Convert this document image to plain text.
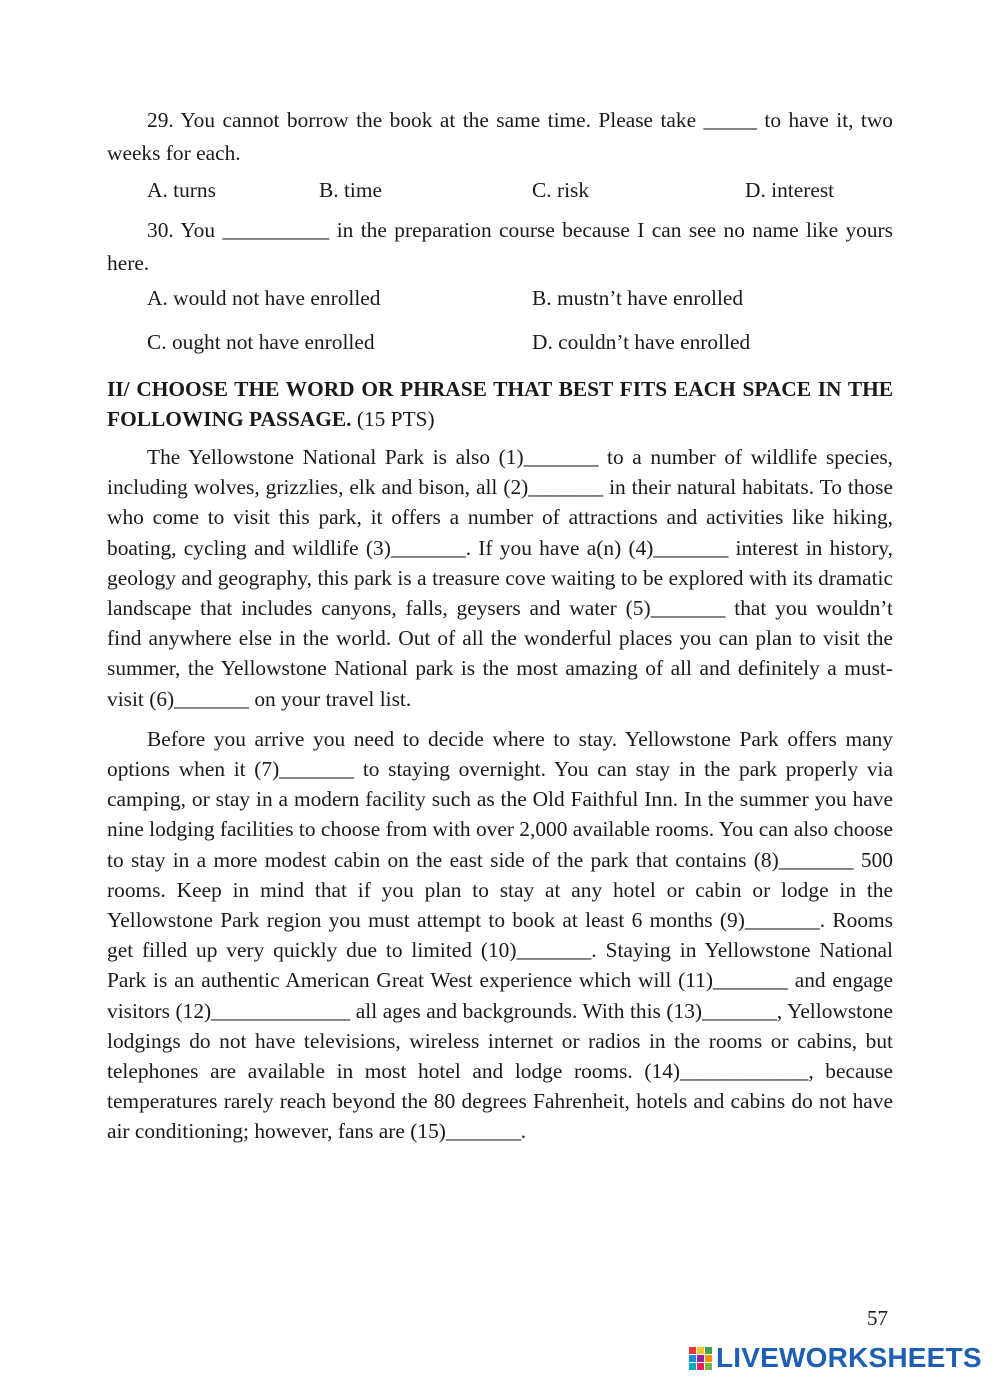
29. You cannot borrow the book at the same time. Please take _____ to have it, two weeks for each.

A. turns	B. time	C. risk	D. interest

30. You __________ in the preparation course because I can see no name like yours here.

A. would not have enrolled	B. mustn’t have enrolled
C. ought not have enrolled	D. couldn’t have enrolled

II/ CHOOSE THE WORD OR PHRASE THAT BEST FITS EACH SPACE IN THE FOLLOWING PASSAGE. (15 PTS)

The Yellowstone National Park is also (1)_______ to a number of wildlife species, including wolves, grizzlies, elk and bison, all (2)_______ in their natural habitats. To those who come to visit this park, it offers a number of attractions and activities like hiking, boating, cycling and wildlife (3)_______. If you have a(n) (4)_______ interest in history, geology and geography, this park is a treasure cove waiting to be explored with its dramatic landscape that includes canyons, falls, geysers and water (5)_______ that you wouldn’t find anywhere else in the world. Out of all the wonderful places you can plan to visit the summer, the Yellowstone National park is the most amazing of all and definitely a must-visit (6)_______ on your travel list.

Before you arrive you need to decide where to stay. Yellowstone Park offers many options when it (7)_______ to staying overnight. You can stay in the park properly via camping, or stay in a modern facility such as the Old Faithful Inn. In the summer you have nine lodging facilities to choose from with over 2,000 available rooms. You can also choose to stay in a more modest cabin on the east side of the park that contains (8)_______ 500 rooms. Keep in mind that if you plan to stay at any hotel or cabin or lodge in the Yellowstone Park region you must attempt to book at least 6 months (9)_______. Rooms get filled up very quickly due to limited (10)_______. Staying in Yellowstone National Park is an authentic American Great West experience which will (11)_______ and engage visitors (12)_____________ all ages and backgrounds. With this (13)_______, Yellowstone lodgings do not have televisions, wireless internet or radios in the rooms or cabins, but telephones are available in most hotel and lodge rooms. (14)____________, because temperatures rarely reach beyond the 80 degrees Fahrenheit, hotels and cabins do not have air conditioning; however, fans are (15)_______.

57
LIVEWORKSHEETS
